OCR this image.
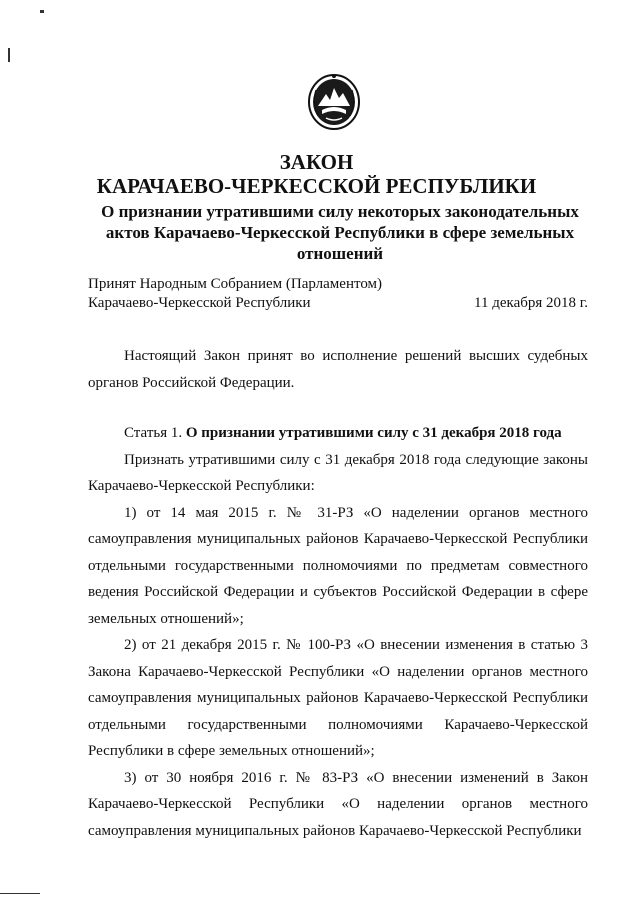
ЗАКОН
КАРАЧАЕВО-ЧЕРКЕССКОЙ РЕСПУБЛИКИ
О признании утратившими силу некоторых законодательных актов Карачаево-Черкесской Республики в сфере земельных отношений
Принят Народным Собранием (Парламентом)
Карачаево-Черкесской Республики	11 декабря 2018 г.

Настоящий Закон принят во исполнение решений высших судебных органов Российской Федерации.

Статья 1. О признании утратившими силу с 31 декабря 2018 года

Признать утратившими силу с 31 декабря 2018 года следующие законы Карачаево-Черкесской Республики:

1) от 14 мая 2015 г. № 31-РЗ «О наделении органов местного самоуправления муниципальных районов Карачаево-Черкесской Республики отдельными государственными полномочиями по предметам совместного ведения Российской Федерации и субъектов Российской Федерации в сфере земельных отношений»;

2) от 21 декабря 2015 г. № 100-РЗ «О внесении изменения в статью 3 Закона Карачаево-Черкесской Республики «О наделении органов местного самоуправления муниципальных районов Карачаево-Черкесской Республики отдельными государственными полномочиями Карачаево-Черкесской Республики в сфере земельных отношений»;

3) от 30 ноября 2016 г. № 83-РЗ «О внесении изменений в Закон Карачаево-Черкесской Республики «О наделении органов местного самоуправления муниципальных районов Карачаево-Черкесской Республики
